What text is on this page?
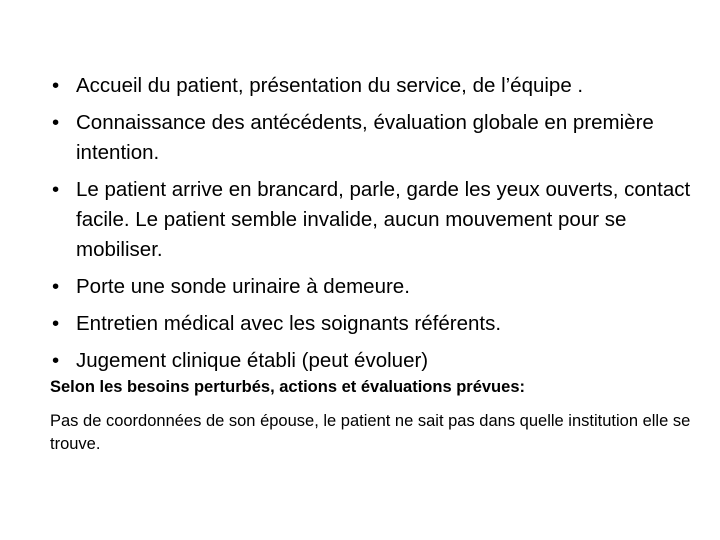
• Accueil du patient, présentation du service, de l’équipe .
• Connaissance des antécédents, évaluation globale en première intention.
• Le patient arrive en brancard, parle, garde les yeux ouverts, contact facile. Le patient semble invalide, aucun mouvement pour se mobiliser.
• Porte une sonde urinaire à demeure.
• Entretien médical avec les soignants référents.
• Jugement clinique établi (peut évoluer)

Selon les besoins perturbés, actions et évaluations prévues:

Pas de coordonnées de son épouse, le patient ne sait pas dans quelle institution elle se trouve.
